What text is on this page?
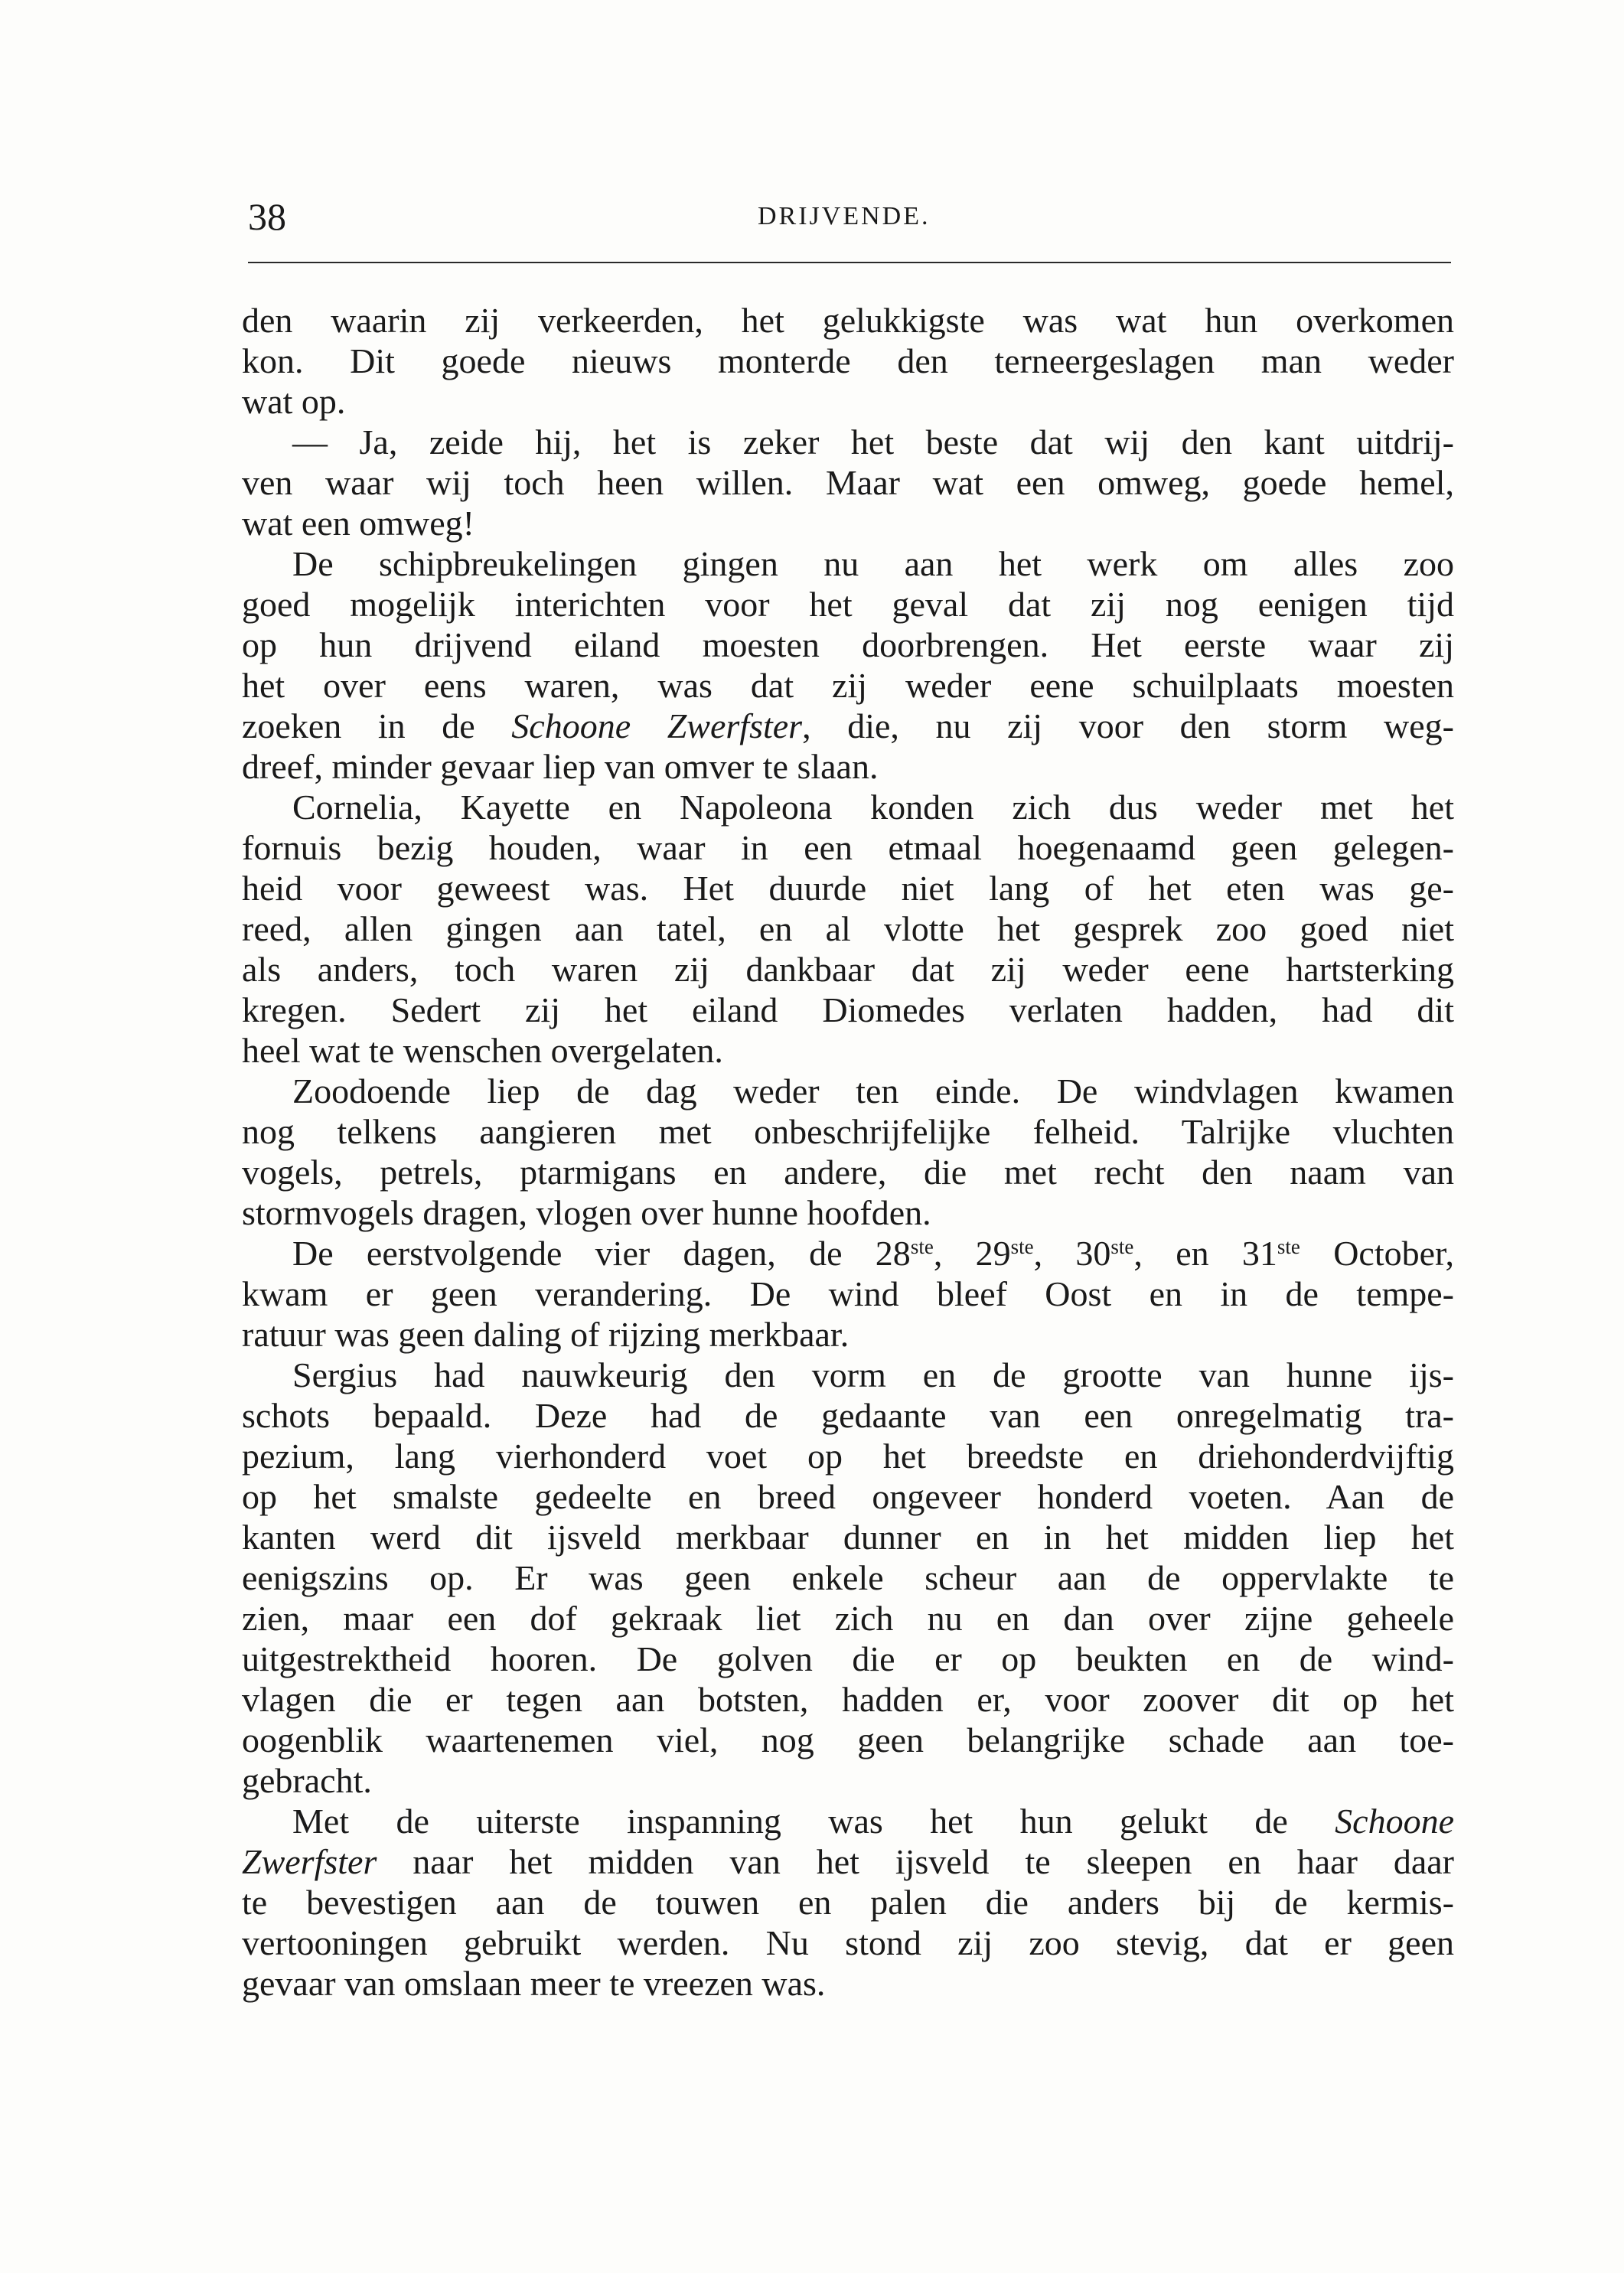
38	DRIJVENDE.
den waarin zij verkeerden, het gelukkigste was wat hun overkomen
kon. Dit goede nieuws monterde den terneergeslagen man weder
wat op.
— Ja, zeide hij, het is zeker het beste dat wij den kant uitdrij-
ven waar wij toch heen willen. Maar wat een omweg, goede hemel,
wat een omweg!
De schipbreukelingen gingen nu aan het werk om alles zoo
goed mogelijk interichten voor het geval dat zij nog eenigen tijd
op hun drijvend eiland moesten doorbrengen. Het eerste waar zij
het over eens waren, was dat zij weder eene schuilplaats moesten
zoeken in de Schoone Zwerfster, die, nu zij voor den storm weg-
dreef, minder gevaar liep van omver te slaan.
Cornelia, Kayette en Napoleona konden zich dus weder met het
fornuis bezig houden, waar in een etmaal hoegenaamd geen gelegen-
heid voor geweest was. Het duurde niet lang of het eten was ge-
reed, allen gingen aan tatel, en al vlotte het gesprek zoo goed niet
als anders, toch waren zij dankbaar dat zij weder eene hartsterking
kregen. Sedert zij het eiland Diomedes verlaten hadden, had dit
heel wat te wenschen overgelaten.
Zoodoende liep de dag weder ten einde. De windvlagen kwamen
nog telkens aangieren met onbeschrijfelijke felheid. Talrijke vluchten
vogels, petrels, ptarmigans en andere, die met recht den naam van
stormvogels dragen, vlogen over hunne hoofden.
De eerstvolgende vier dagen, de 28ste, 29ste, 30ste, en 31ste October,
kwam er geen verandering. De wind bleef Oost en in de tempe-
ratuur was geen daling of rijzing merkbaar.
Sergius had nauwkeurig den vorm en de grootte van hunne ijs-
schots bepaald. Deze had de gedaante van een onregelmatig tra-
pezium, lang vierhonderd voet op het breedste en driehonderdvijftig
op het smalste gedeelte en breed ongeveer honderd voeten. Aan de
kanten werd dit ijsveld merkbaar dunner en in het midden liep het
eenigszins op. Er was geen enkele scheur aan de oppervlakte te
zien, maar een dof gekraak liet zich nu en dan over zijne geheele
uitgestrektheid hooren. De golven die er op beukten en de wind-
vlagen die er tegen aan botsten, hadden er, voor zoover dit op het
oogenblik waartenemen viel, nog geen belangrijke schade aan toe-
gebracht.
Met de uiterste inspanning was het hun gelukt de Schoone
Zwerfster naar het midden van het ijsveld te sleepen en haar daar
te bevestigen aan de touwen en palen die anders bij de kermis-
vertooningen gebruikt werden. Nu stond zij zoo stevig, dat er geen
gevaar van omslaan meer te vreezen was.
